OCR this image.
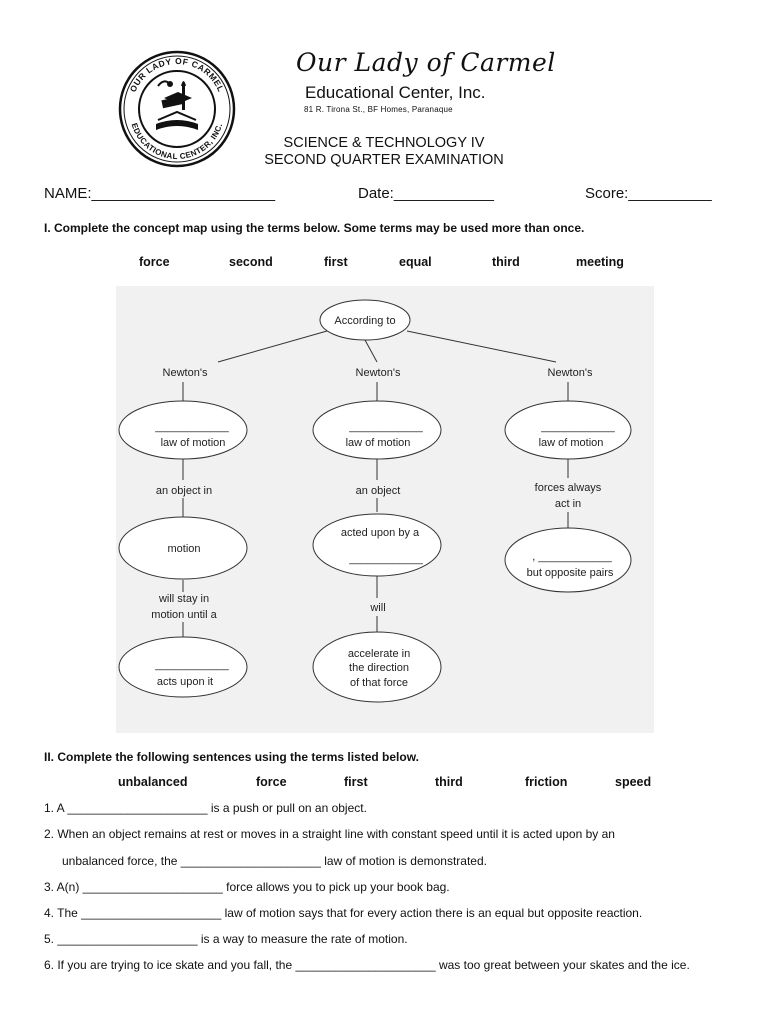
OUR LADY OF CARMEL
EDUCATIONAL CENTER, INC.
Our Lady of Carmel
Educational Center, Inc.
81 R. Tirona St., BF Homes, Paranaque
SCIENCE & TECHNOLOGY IV
SECOND QUARTER EXAMINATION
NAME:______________________	Date:____________	Score:__________
I. Complete the concept map using the terms below. Some terms may be used more than once.
force	second	first	equal	third	meeting
According to
Newton's	Newton's	Newton's
____________
law of motion
____________
law of motion
____________
law of motion
an object in	an object	forces always
act in
motion
acted upon by a
____________	, ____________
but opposite pairs
will stay in
motion until a
will
____________
acts upon it
accelerate in
the direction
of that force
II. Complete the following sentences using the terms listed below.
unbalanced	force	first	third	friction	speed
1. A _____________________ is a push or pull on an object.
2. When an object remains at rest or moves in a straight line with constant speed until it is acted upon by an
unbalanced force, the _____________________ law of motion is demonstrated.
3. A(n) _____________________ force allows you to pick up your book bag.
4. The _____________________ law of motion says that for every action there is an equal but opposite reaction.
5. _____________________ is a way to measure the rate of motion.
6. If you are trying to ice skate and you fall, the _____________________ was too great between your skates and the ice.
